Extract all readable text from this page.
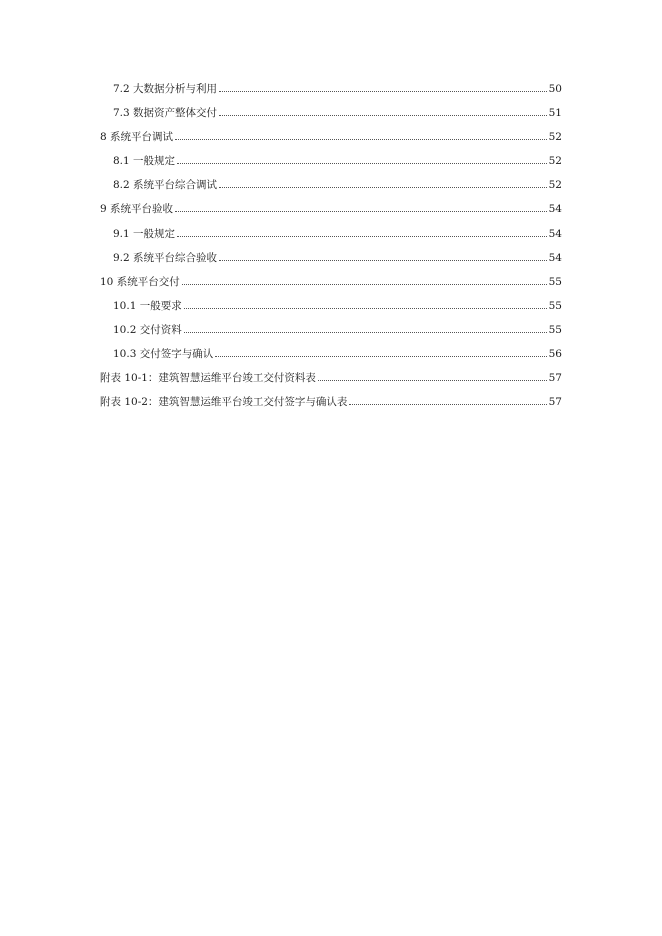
7.2 大数据分析与利用	50
7.3 数据资产整体交付	51
8 系统平台调试	52
8.1 一般规定	52
8.2 系统平台综合调试	52
9 系统平台验收	54
9.1 一般规定	54
9.2 系统平台综合验收	54
10 系统平台交付	55
10.1 一般要求	55
10.2 交付资料	55
10.3 交付签字与确认	56
附表 10-1：建筑智慧运维平台竣工交付资料表	57
附表 10-2：建筑智慧运维平台竣工交付签字与确认表	57
